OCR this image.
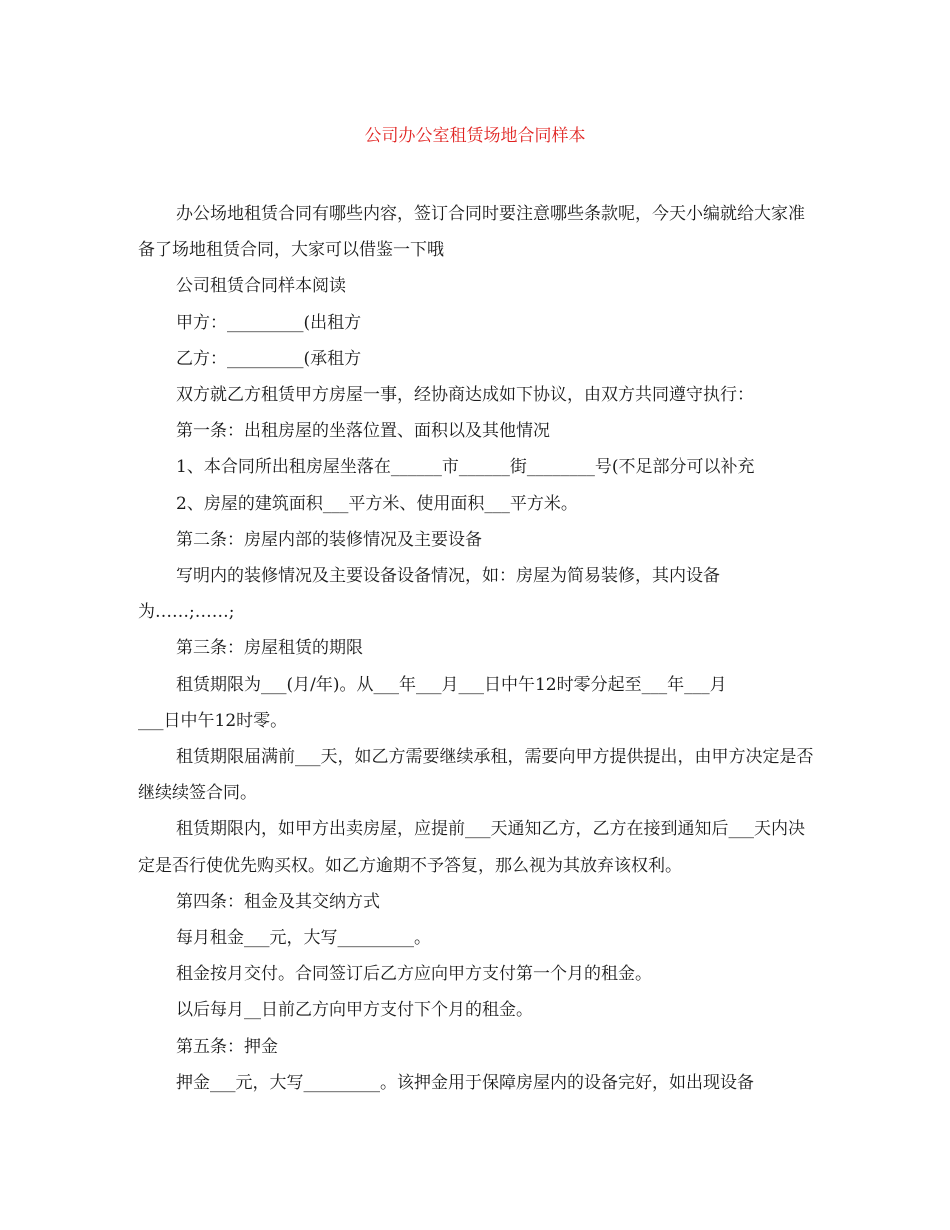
公司办公室租赁场地合同样本

办公场地租赁合同有哪些内容，签订合同时要注意哪些条款呢，今天小编就给大家准备了场地租赁合同，大家可以借鉴一下哦

公司租赁合同样本阅读

甲方：_________(出租方

乙方：_________(承租方

双方就乙方租赁甲方房屋一事，经协商达成如下协议，由双方共同遵守执行：

第一条：出租房屋的坐落位置、面积以及其他情况

1、本合同所出租房屋坐落在______市______街________号(不足部分可以补充

2、房屋的建筑面积___平方米、使用面积___平方米。

第二条：房屋内部的装修情况及主要设备

写明内的装修情况及主要设备设备情况，如：房屋为简易装修，其内设备
为……;……;

第三条：房屋租赁的期限

租赁期限为___(月/年)。从___年___月___日中午12时零分起至___年___月
___日中午12时零。

租赁期限届满前___天，如乙方需要继续承租，需要向甲方提供提出，由甲方决定是否继续续签合同。

租赁期限内，如甲方出卖房屋，应提前___天通知乙方，乙方在接到通知后___天内决定是否行使优先购买权。如乙方逾期不予答复，那么视为其放弃该权利。

第四条：租金及其交纳方式

每月租金___元，大写_________。

租金按月交付。合同签订后乙方应向甲方支付第一个月的租金。

以后每月__日前乙方向甲方支付下个月的租金。

第五条：押金

押金___元，大写_________。该押金用于保障房屋内的设备完好，如出现设备
